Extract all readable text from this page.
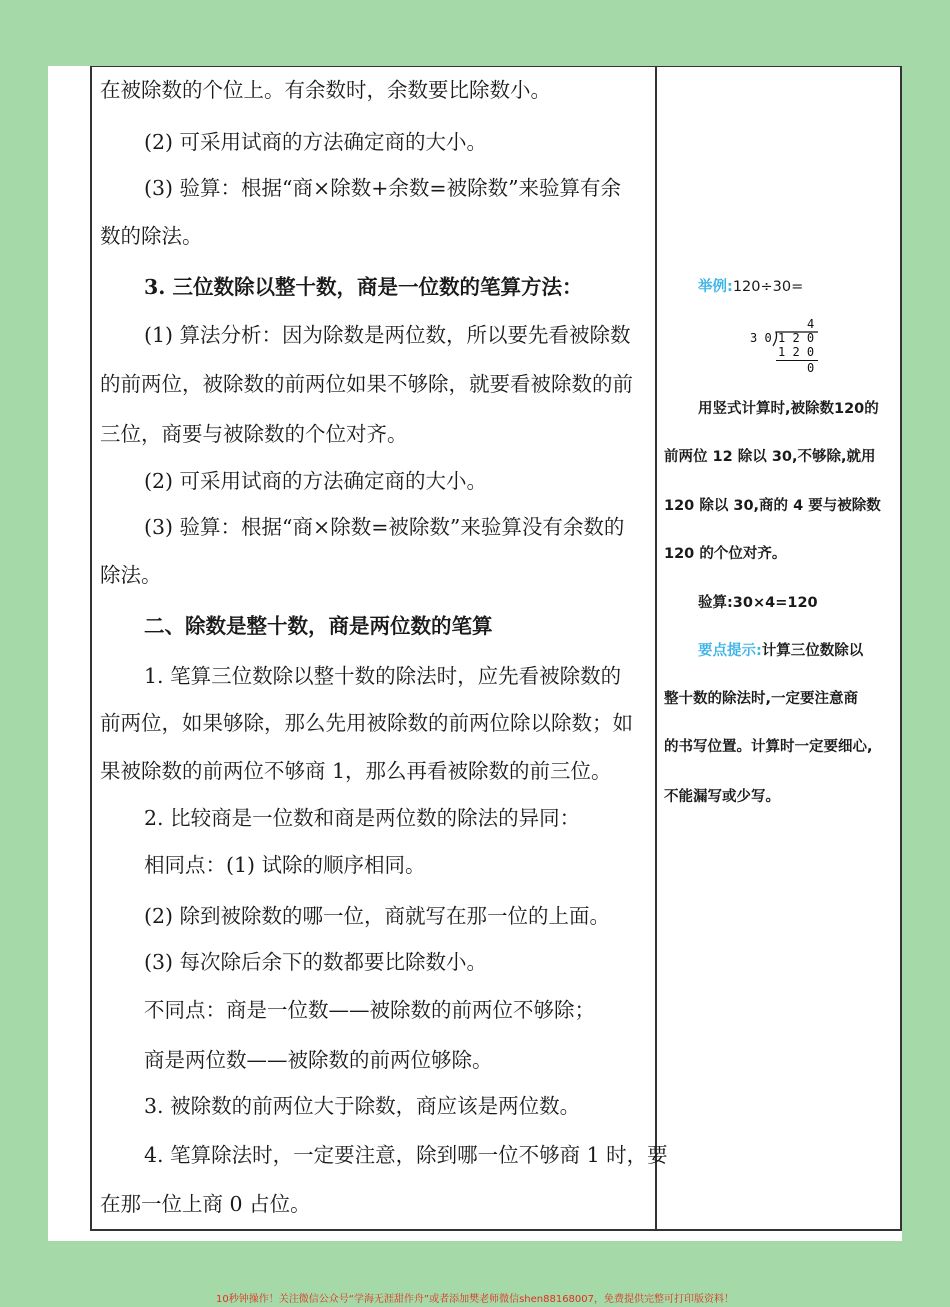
在被除数的个位上。有余数时，余数要比除数小。
(2) 可采用试商的方法确定商的大小。
(3) 验算：根据“商×除数+余数=被除数”来验算有余
数的除法。
3. 三位数除以整十数，商是一位数的笔算方法：
(1) 算法分析：因为除数是两位数，所以要先看被除数
的前两位，被除数的前两位如果不够除，就要看被除数的前
三位，商要与被除数的个位对齐。
(2) 可采用试商的方法确定商的大小。
(3) 验算：根据“商×除数=被除数”来验算没有余数的
除法。
二、除数是整十数，商是两位数的笔算
1. 笔算三位数除以整十数的除法时，应先看被除数的
前两位，如果够除，那么先用被除数的前两位除以除数；如
果被除数的前两位不够商 1，那么再看被除数的前三位。
2. 比较商是一位数和商是两位数的除法的异同：
相同点：(1) 试除的顺序相同。
(2) 除到被除数的哪一位，商就写在那一位的上面。
(3) 每次除后余下的数都要比除数小。
不同点：商是一位数——被除数的前两位不够除；
商是两位数——被除数的前两位够除。
3. 被除数的前两位大于除数，商应该是两位数。
4. 笔算除法时，一定要注意，除到哪一位不够商 1 时，要
在那一位上商 0 占位。
举例:120÷30=
4
3 0 1 2 0
1 2 0
0
用竖式计算时,被除数120的
前两位 12 除以 30,不够除,就用
120 除以 30,商的 4 要与被除数
120 的个位对齐。
验算:30×4=120
要点提示:计算三位数除以
整十数的除法时,一定要注意商
的书写位置。计算时一定要细心,
不能漏写或少写。
10秒钟操作！关注微信公众号“学海无涯甜作舟”或者添加樊老师微信shen88168007，免费提供完整可打印版资料！
